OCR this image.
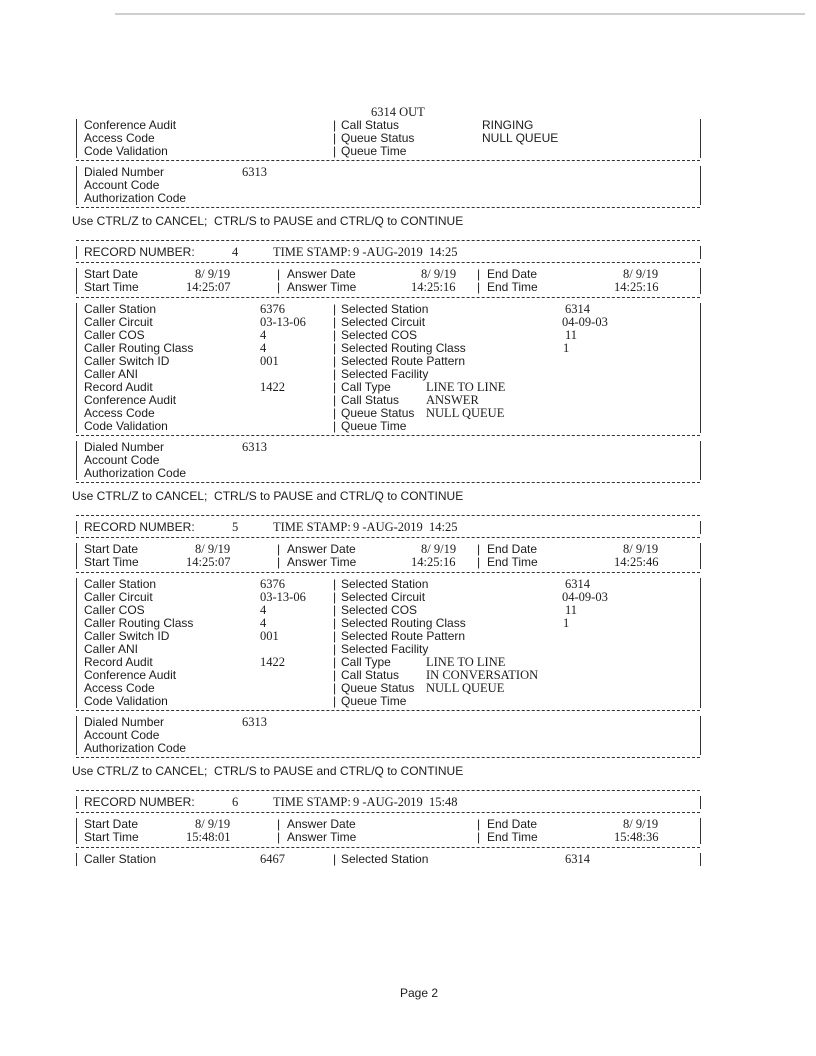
6314 OUT
Conference Audit	| Call Status	RINGING
Access Code	| Queue Status	NULL QUEUE
Code Validation	| Queue Time
Dialed Number	6313
Account Code
Authorization Code
Use CTRL/Z to CANCEL;  CTRL/S to PAUSE and CTRL/Q to CONTINUE
RECORD NUMBER:	4	TIME STAMP: 9 -AUG-2019  14:25
Start Date	8/ 9/19	| Answer Date	8/ 9/19 | End Date	8/ 9/19
Start Time	14:25:07	| Answer Time	14:25:16 | End Time	14:25:16
Caller Station	6376	| Selected Station	6314
Caller Circuit	03-13-06 | Selected Circuit	04-09-03
Caller COS	4	| Selected COS	11
Caller Routing Class	4	| Selected Routing Class	1
Caller Switch ID	001	| Selected Route Pattern
Caller ANI	| Selected Facility
Record Audit	1422	| Call Type	LINE TO LINE
Conference Audit	| Call Status ANSWER
Access Code	| Queue Status NULL QUEUE
Code Validation	| Queue Time
Dialed Number	6313
Account Code
Authorization Code
Use CTRL/Z to CANCEL;  CTRL/S to PAUSE and CTRL/Q to CONTINUE
RECORD NUMBER:	5	TIME STAMP: 9 -AUG-2019  14:25
Start Date	8/ 9/19	| Answer Date	8/ 9/19 | End Date	8/ 9/19
Start Time	14:25:07	| Answer Time	14:25:16 | End Time	14:25:46
Caller Station	6376	| Selected Station	6314
Caller Circuit	03-13-06 | Selected Circuit	04-09-03
Caller COS	4	| Selected COS	11
Caller Routing Class	4	| Selected Routing Class	1
Caller Switch ID	001	| Selected Route Pattern
Caller ANI	| Selected Facility
Record Audit	1422	| Call Type	LINE TO LINE
Conference Audit	| Call Status IN CONVERSATION
Access Code	| Queue Status NULL QUEUE
Code Validation	| Queue Time
Dialed Number	6313
Account Code
Authorization Code
Use CTRL/Z to CANCEL;  CTRL/S to PAUSE and CTRL/Q to CONTINUE
RECORD NUMBER:	6	TIME STAMP: 9 -AUG-2019  15:48
Start Date	8/ 9/19	| Answer Date	| End Date	8/ 9/19
Start Time	15:48:01	| Answer Time	| End Time	15:48:36
Caller Station	6467	| Selected Station	6314
Page 2
